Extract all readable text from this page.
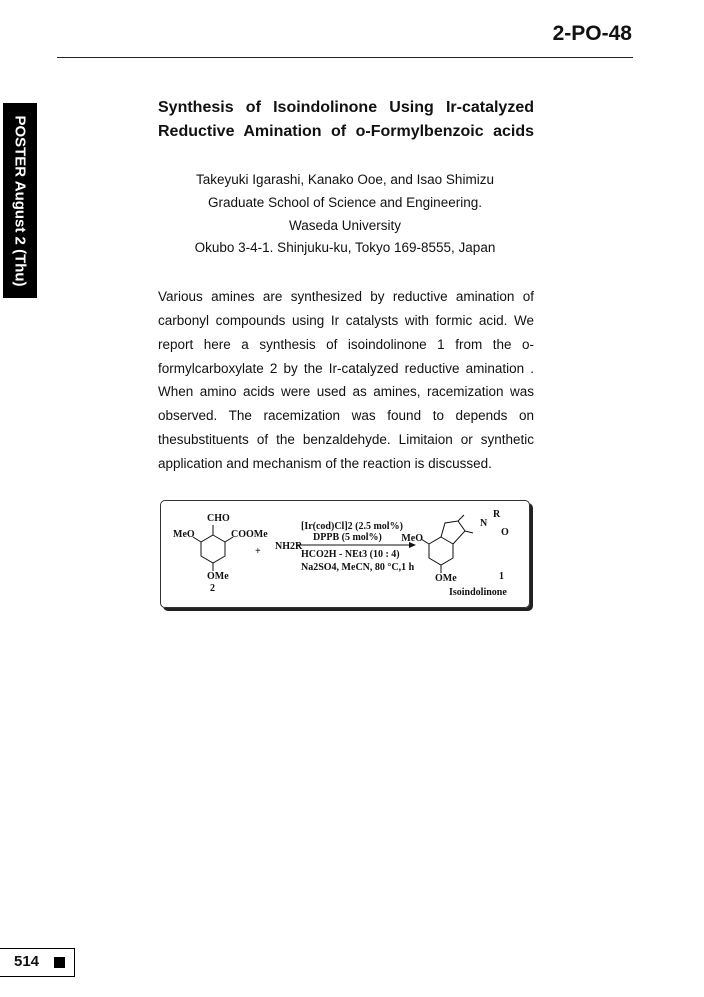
2-PO-48
POSTER August 2 (Thu)
Synthesis of Isoindolinone Using Ir-catalyzed
Reductive Amination of o-Formylbenzoic acids
Takeyuki Igarashi, Kanako Ooe, and Isao Shimizu
Graduate School of Science and Engineering.
Waseda University
Okubo 3-4-1. Shinjuku-ku, Tokyo 169-8555, Japan
Various amines are synthesized by reductive amination of
carbonyl compounds using Ir catalysts with formic acid. We
report here a synthesis of isoindolinone 1 from the o-
formylcarboxylate 2 by the Ir-catalyzed reductive amination .
When amino acids were used as amines, racemization was
observed. The racemization was found to depends on
thesubstituents of the benzaldehyde. Limitaion or synthetic
application and mechanism of the reaction is discussed.
CHO
MeO	COOMe
+ NH2R
OMe
2
[Ir(cod)Cl]2 (2.5 mol%)
DPPB (5 mol%)
HCO2H - NEt3 (10 : 4)
Na2SO4, MeCN, 80 °C,1 h
R
N
O
MeO
OMe	1
Isoindolinone
514
